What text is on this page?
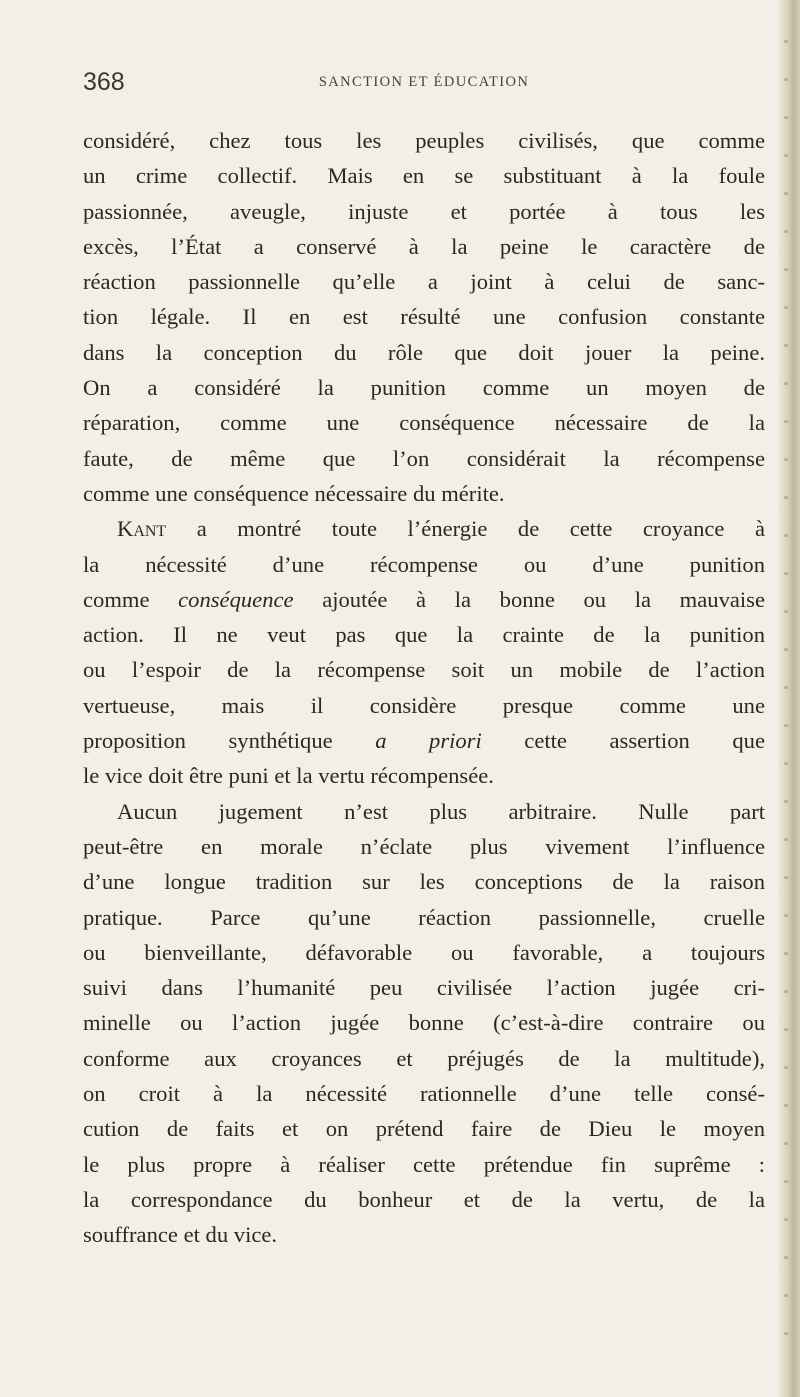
368	SANCTION ET ÉDUCATION
considéré, chez tous les peuples civilisés, que comme
un crime collectif. Mais en se substituant à la foule
passionnée, aveugle, injuste et portée à tous les
excès, l’État a conservé à la peine le caractère de
réaction passionnelle qu’elle a joint à celui de sanc-
tion légale. Il en est résulté une confusion constante
dans la conception du rôle que doit jouer la peine.
On a considéré la punition comme un moyen de
réparation, comme une conséquence nécessaire de la
faute, de même que l’on considérait la récompense
comme une conséquence nécessaire du mérite.
Kant a montré toute l’énergie de cette croyance à
la nécessité d’une récompense ou d’une punition
comme conséquence ajoutée à la bonne ou la mauvaise
action. Il ne veut pas que la crainte de la punition
ou l’espoir de la récompense soit un mobile de l’action
vertueuse, mais il considère presque comme une
proposition synthétique a priori cette assertion que
le vice doit être puni et la vertu récompensée.
Aucun jugement n’est plus arbitraire. Nulle part
peut-être en morale n’éclate plus vivement l’influence
d’une longue tradition sur les conceptions de la raison
pratique. Parce qu’une réaction passionnelle, cruelle
ou bienveillante, défavorable ou favorable, a toujours
suivi dans l’humanité peu civilisée l’action jugée cri-
minelle ou l’action jugée bonne (c’est-à-dire contraire ou
conforme aux croyances et préjugés de la multitude),
on croit à la nécessité rationnelle d’une telle consé-
cution de faits et on prétend faire de Dieu le moyen
le plus propre à réaliser cette prétendue fin suprême :
la correspondance du bonheur et de la vertu, de la
souffrance et du vice.
